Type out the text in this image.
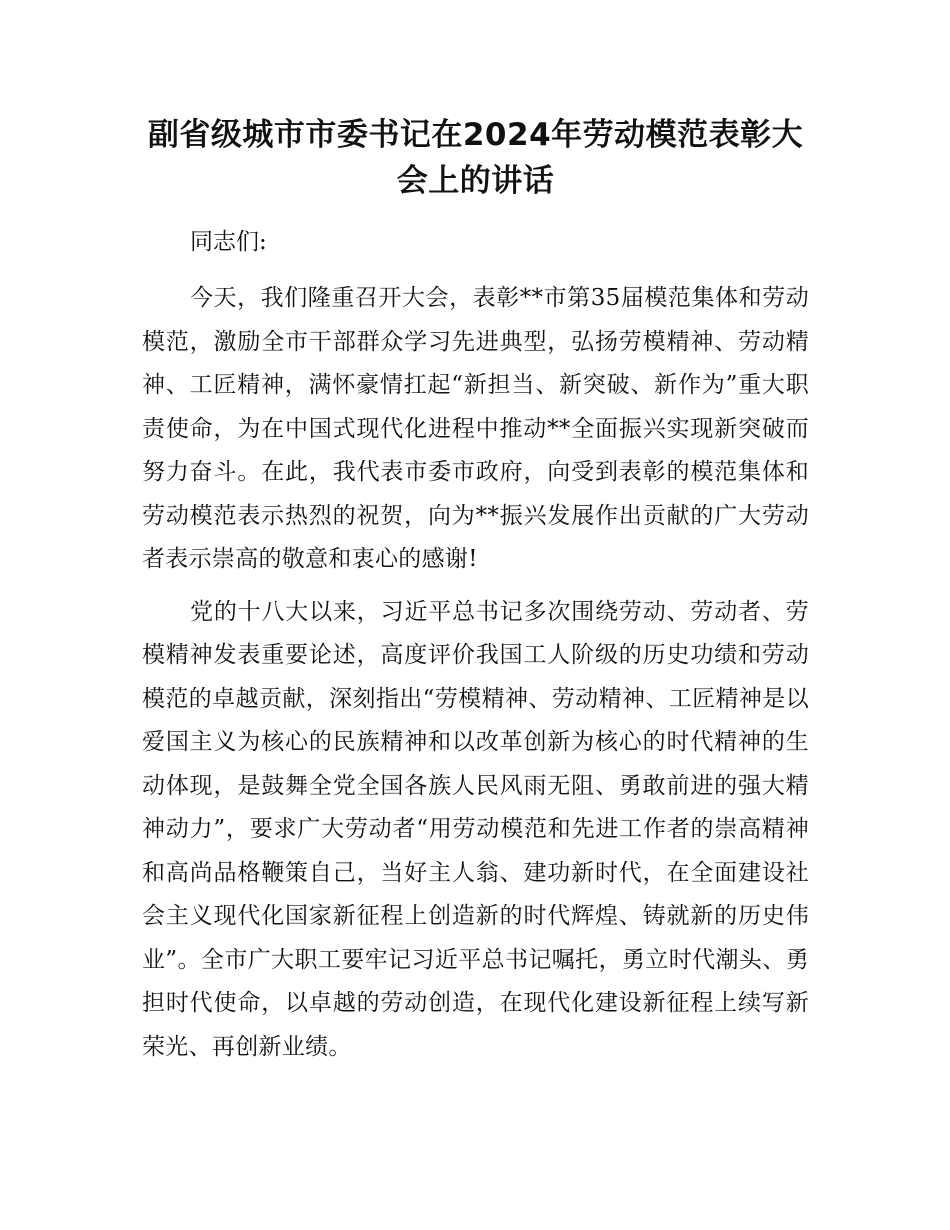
副省级城市市委书记在2024年劳动模范表彰大会上的讲话

同志们:

今天，我们隆重召开大会，表彰**市第35届模范集体和劳动模范，激励全市干部群众学习先进典型，弘扬劳模精神、劳动精神、工匠精神，满怀豪情扛起“新担当、新突破、新作为”重大职责使命，为在中国式现代化进程中推动**全面振兴实现新突破而努力奋斗。在此，我代表市委市政府，向受到表彰的模范集体和劳动模范表示热烈的祝贺，向为**振兴发展作出贡献的广大劳动者表示崇高的敬意和衷心的感谢!

党的十八大以来，习近平总书记多次围绕劳动、劳动者、劳模精神发表重要论述，高度评价我国工人阶级的历史功绩和劳动模范的卓越贡献，深刻指出“劳模精神、劳动精神、工匠精神是以爱国主义为核心的民族精神和以改革创新为核心的时代精神的生动体现，是鼓舞全党全国各族人民风雨无阻、勇敢前进的强大精神动力”，要求广大劳动者“用劳动模范和先进工作者的崇高精神和高尚品格鞭策自己，当好主人翁、建功新时代，在全面建设社会主义现代化国家新征程上创造新的时代辉煌、铸就新的历史伟业”。全市广大职工要牢记习近平总书记嘱托，勇立时代潮头、勇担时代使命，以卓越的劳动创造，在现代化建设新征程上续写新荣光、再创新业绩。
